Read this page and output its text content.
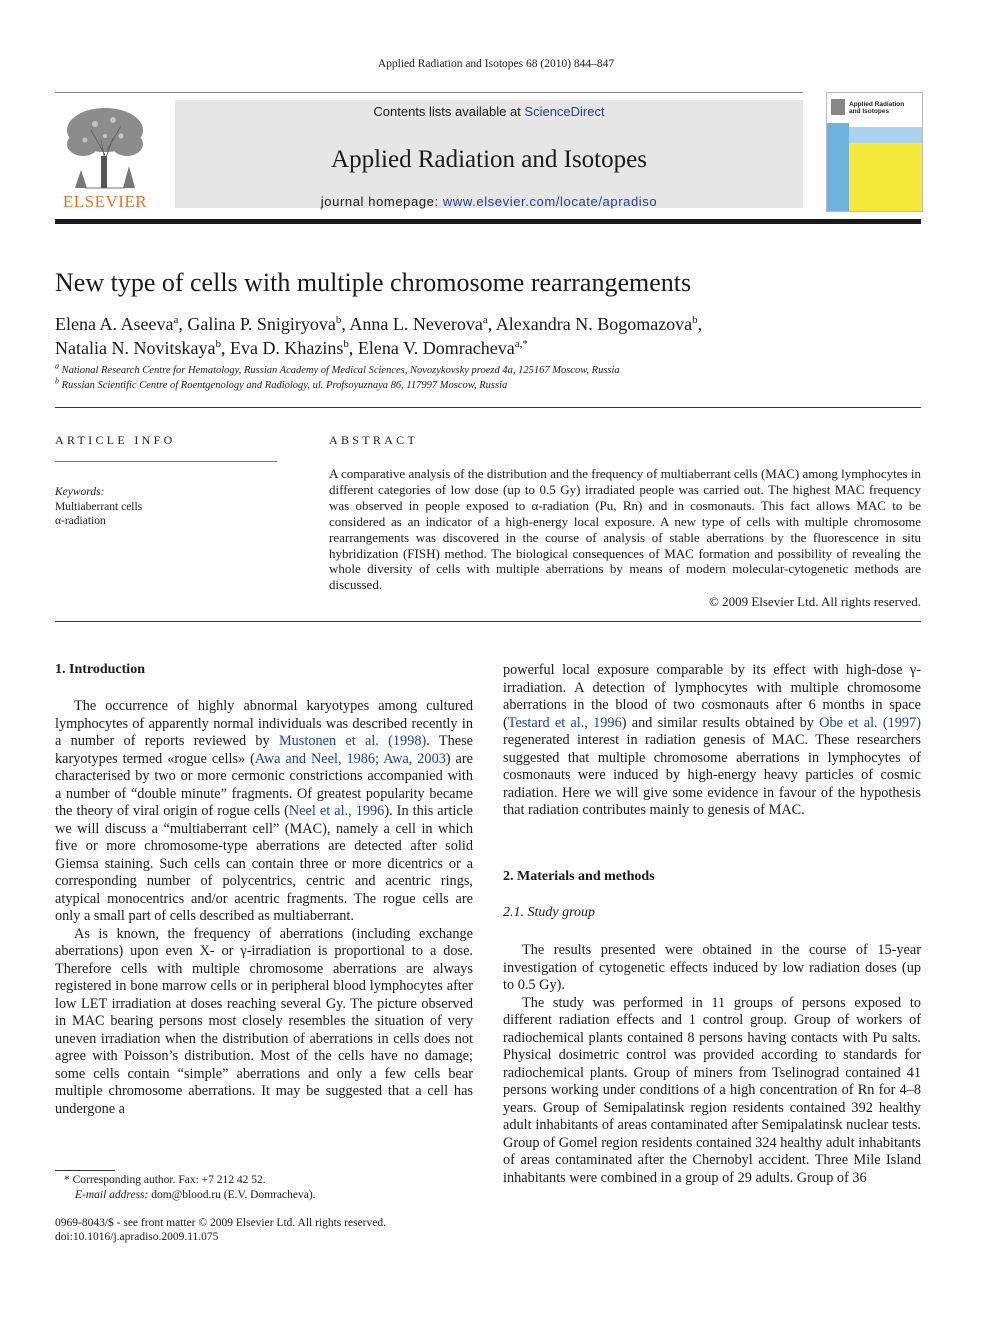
Applied Radiation and Isotopes 68 (2010) 844–847
ELSEVIER
Contents lists available at ScienceDirect
Applied Radiation and Isotopes
journal homepage: www.elsevier.com/locate/apradiso
Applied Radiation and Isotopes
New type of cells with multiple chromosome rearrangements
Elena A. Aseeva$^a$, Galina P. Snigiryova$^b$, Anna L. Neverova$^a$, Alexandra N. Bogomazova$^b$,
Natalia N. Novitskaya$^b$, Eva D. Khazins$^b$, Elena V. Domracheva$^{a,*}$
$^a$ National Research Centre for Hematology, Russian Academy of Medical Sciences, Novozykovsky proezd 4a, 125167 Moscow, Russia
$^b$ Russian Scientific Centre of Roentgenology and Radiology, ul. Profsoyuznaya 86, 117997 Moscow, Russia
ARTICLE INFO	ABSTRACT
Keywords:
Multiaberrant cells
α-radiation
A comparative analysis of the distribution and the frequency of multiaberrant cells (MAC) among lymphocytes in different categories of low dose (up to 0.5 Gy) irradiated people was carried out. The highest MAC frequency was observed in people exposed to α-radiation (Pu, Rn) and in cosmonauts. This fact allows MAC to be considered as an indicator of a high-energy local exposure. A new type of cells with multiple chromosome rearrangements was discovered in the course of analysis of stable aberrations by the fluorescence in situ hybridization (FISH) method. The biological consequences of MAC formation and possibility of revealing the whole diversity of cells with multiple aberrations by means of modern molecular-cytogenetic methods are discussed.
© 2009 Elsevier Ltd. All rights reserved.
1. Introduction

The occurrence of highly abnormal karyotypes among cultured lymphocytes of apparently normal individuals was described recently in a number of reports reviewed by Mustonen et al. (1998). These karyotypes termed «rogue cells» (Awa and Neel, 1986; Awa, 2003) are characterised by two or more cermonic constrictions accompanied with a number of “double minute” fragments. Of greatest popularity became the theory of viral origin of rogue cells (Neel et al., 1996). In this article we will discuss a “multiaberrant cell” (MAC), namely a cell in which five or more chromosome-type aberrations are detected after solid Giemsa staining. Such cells can contain three or more dicentrics or a corresponding number of polycentrics, centric and acentric rings, atypical monocentrics and/or acentric fragments. The rogue cells are only a small part of cells described as multiaberrant.

As is known, the frequency of aberrations (including exchange aberrations) upon even X- or γ-irradiation is proportional to a dose. Therefore cells with multiple chromosome aberrations are always registered in bone marrow cells or in peripheral blood lymphocytes after low LET irradiation at doses reaching several Gy. The picture observed in MAC bearing persons most closely resembles the situation of very uneven irradiation when the distribution of aberrations in cells does not agree with Poisson’s distribution. Most of the cells have no damage; some cells contain “simple” aberrations and only a few cells bear multiple chromosome aberrations. It may be suggested that a cell has undergone a

powerful local exposure comparable by its effect with high-dose γ-irradiation. A detection of lymphocytes with multiple chromosome aberrations in the blood of two cosmonauts after 6 months in space (Testard et al., 1996) and similar results obtained by Obe et al. (1997) regenerated interest in radiation genesis of MAC. These researchers suggested that multiple chromosome aberrations in lymphocytes of cosmonauts were induced by high-energy heavy particles of cosmic radiation. Here we will give some evidence in favour of the hypothesis that radiation contributes mainly to genesis of MAC.

2. Materials and methods
2.1. Study group

The results presented were obtained in the course of 15-year investigation of cytogenetic effects induced by low radiation doses (up to 0.5 Gy).

The study was performed in 11 groups of persons exposed to different radiation effects and 1 control group. Group of workers of radiochemical plants contained 8 persons having contacts with Pu salts. Physical dosimetric control was provided according to standards for radiochemical plants. Group of miners from Tselinograd contained 41 persons working under conditions of a high concentration of Rn for 4–8 years. Group of Semipalatinsk region residents contained 392 healthy adult inhabitants of areas contaminated after Semipalatinsk nuclear tests. Group of Gomel region residents contained 324 healthy adult inhabitants of areas contaminated after the Chernobyl accident. Three Mile Island inhabitants were combined in a group of 29 adults. Group of 36

* Corresponding author. Fax: +7 212 42 52.
E-mail address: dom@blood.ru (E.V. Domracheva).
0969-8043/$ - see front matter © 2009 Elsevier Ltd. All rights reserved.
doi:10.1016/j.apradiso.2009.11.075
